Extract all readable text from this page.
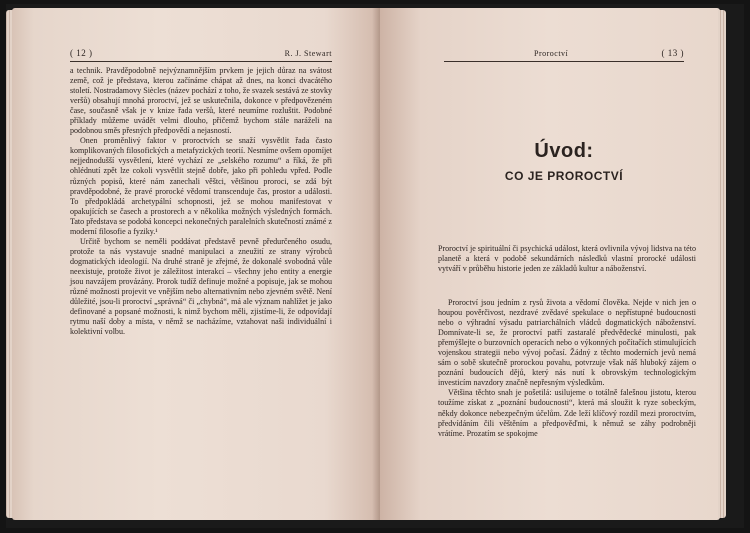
( 12 )	R. J. Stewart

a technik. Pravděpodobně nejvýznamnějším prvkem je jejich důraz na svátost země, což je představa, kterou začínáme chápat až dnes, na konci dvacátého století. Nostradamovy Siècles (název pochází z toho, že svazek sestává ze stovky veršů) obsahují mnohá proroctví, jež se uskutečnila, dokonce v předpovězeném čase, současně však je v knize řada veršů, které neumíme rozluštit. Podobné příklady můžeme uvádět velmi dlouho, přičemž bychom stále naráželi na podobnou směs přesných předpovědí a nejasností.

Onen proměnlivý faktor v proroctvích se snaží vysvětlit řada často komplikovaných filosofických a metafyzických teorií. Nesmíme ovšem opomíjet nejjednodušší vysvětlení, které vychází ze „selského rozumu“ a říká, že při ohlédnutí zpět lze cokoli vysvětlit stejně dobře, jako při pohledu vpřed. Podle různých popisů, které nám zanechali věštci, většinou proroci, se zdá být pravděpodobné, že pravé prorocké vědomí transcenduje čas, prostor a události. To předpokládá archetypální schopnosti, jež se mohou manifestovat v opakujících se časech a prostorech a v několika možných výsledných formách. Tato představa se podobá koncepci nekonečných paralelních skutečností známé z moderní filosofie a fyziky.¹

Určitě bychom se neměli poddávat představě pevně předurčeného osudu, protože ta nás vystavuje snadné manipulaci a zneužití ze strany výrobců dogmatických ideologií. Na druhé straně je zřejmé, že dokonalé svobodná vůle neexistuje, protože život je záležitost interakcí – všechny jeho entity a energie jsou navzájem provázány. Prorok tudíž definuje možné a popisuje, jak se mohou různé možnosti projevit ve vnějším nebo alternativním nebo zjevném světě. Není důležité, jsou-li proroctví „správná“ či „chybná“, má ale význam nahlížet je jako definované a popsané možnosti, k nimž bychom měli, zjistíme-li, že odpovídají rytmu naší doby a místa, v němž se nacházíme, vztahovat naši individuální i kolektivní volbu.

Proroctví	( 13 )
Úvod:
CO JE PROROCTVÍ

Proroctví je spirituální či psychická událost, která ovlivnila vývoj lidstva na této planetě a která v podobě sekundárních následků vlastní prorocké události vytváří v průběhu historie jeden ze základů kultur a náboženství.

Proroctví jsou jedním z rysů života a vědomí člověka. Nejde v nich jen o houpou pověrčivost, nezdravé zvědavé spekulace o nepřístupné budoucnosti nebo o výhradní výsadu patriarchálních vládců dogmatických náboženství. Domnívate-li se, že proroctví patří zastaralé předvědecké minulosti, pak přemýšlejte o burzovních operacích nebo o výkonných počítačích stimulujících vojenskou strategii nebo vývoj počasí. Žádný z těchto moderních jevů nemá sám o sobě skutečně prorockou povahu, potvrzuje však náš hluboký zájem o poznání budoucích dějů, který nás nutí k obrovským technologickým investicím navzdory značně nepřesným výsledkům.

Většina těchto snah je pošetilá: usilujeme o totálně falešnou jistotu, kterou toužíme získat z „poznání budoucnosti“, která má sloužit k ryze sobeckým, někdy dokonce nebezpečným účelům. Zde leží klíčový rozdíl mezi proroctvím, předvídáním čili věštěním a předpověďmi, k němuž se záhy podrobněji vrátíme. Prozatím se spokojme
